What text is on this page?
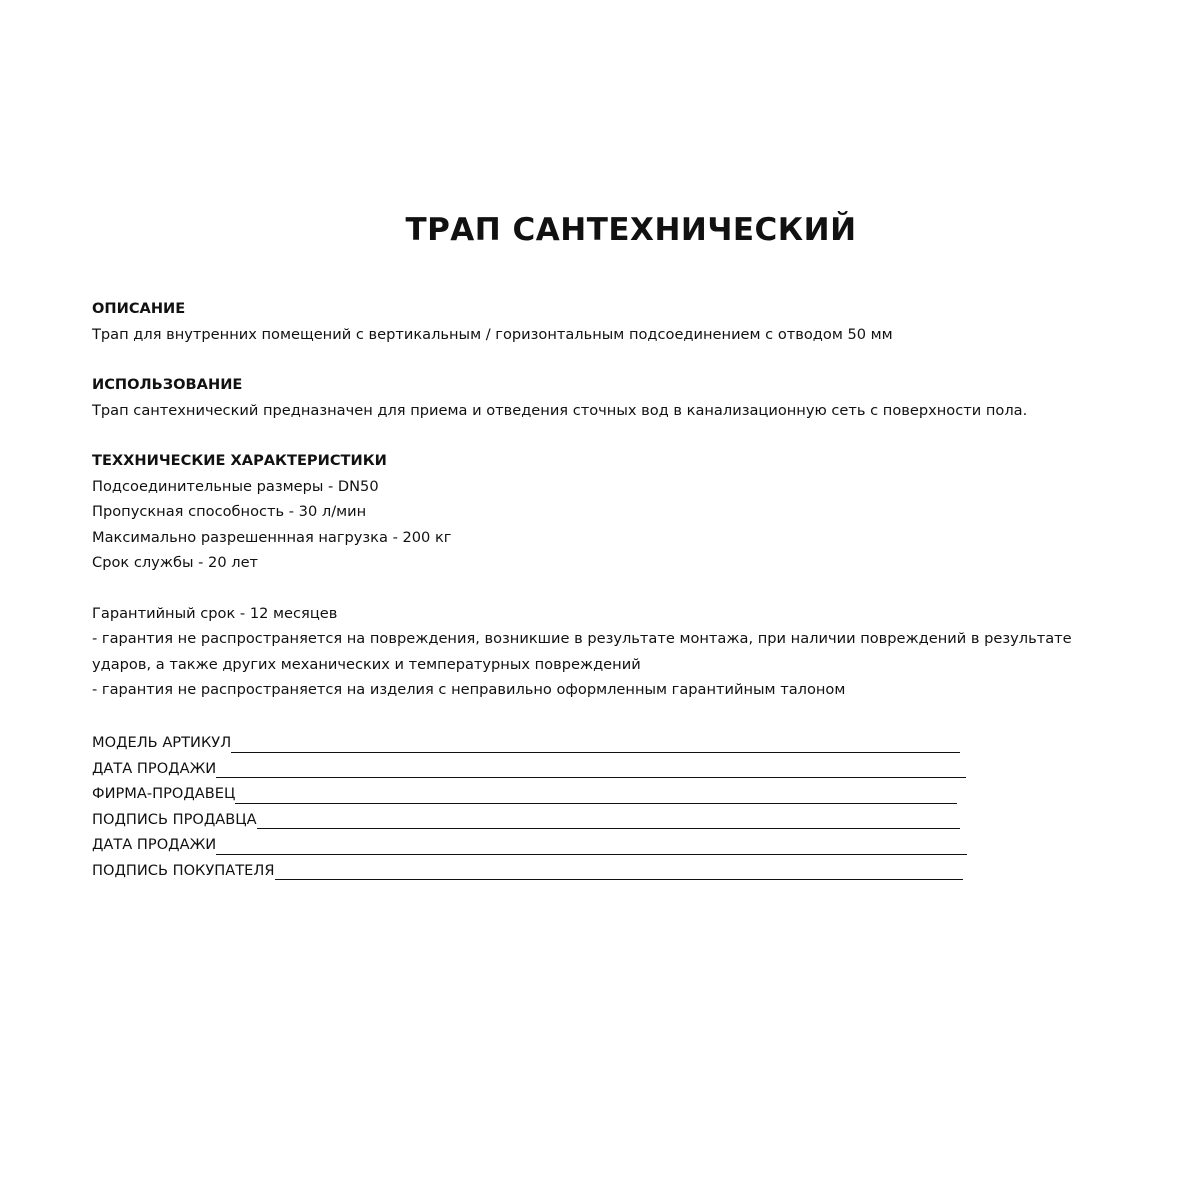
ТРАП САНТЕХНИЧЕСКИЙ
ОПИСАНИЕ
Трап для внутренних помещений с вертикальным / горизонтальным подсоединением с отводом 50 мм
ИСПОЛЬЗОВАНИЕ
Трап сантехнический предназначен для приема и отведения сточных вод в канализационную сеть с поверхности пола.
ТЕХХНИЧЕСКИЕ ХАРАКТЕРИСТИКИ
Подсоединительные размеры - DN50
Пропускная способность - 30 л/мин
Максимально разрешеннная нагрузка - 200 кг
Срок службы - 20 лет
Гарантийный срок - 12 месяцев
- гарантия не распространяется на повреждения, возникшие в результате монтажа, при наличии повреждений в результате
ударов, а также других механических и температурных повреждений
- гарантия не распространяется на изделия с неправильно оформленным гарантийным талоном
МОДЕЛЬ АРТИКУЛ
ДАТА ПРОДАЖИ
ФИРМА-ПРОДАВЕЦ
ПОДПИСЬ ПРОДАВЦА
ДАТА ПРОДАЖИ
ПОДПИСЬ ПОКУПАТЕЛЯ
